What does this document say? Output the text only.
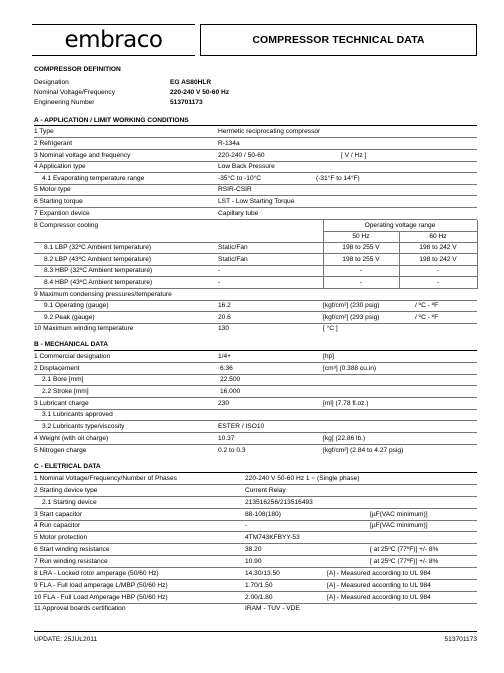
embraco	COMPRESSOR TECHNICAL DATA
COMPRESSOR DEFINITION
Designation	EG AS80HLR
Nominal Voltage/Frequency	220-240 V 50-60 Hz
Engineering Number	513701173
A - APPLICATION / LIMIT WORKING CONDITIONS
1 Type	Hermetic reciprocating compressor
2 Refrigerant	R-134a
3 Nominal voltage and frequency	220-240 / 50-60	[ V / Hz ]
4 Application type	Low Back Pressure
4.1 Evaporating temperature range	-35°C to -10°C	(-31°F to 14°F)
5 Motor type	RSIR-CSIR
6 Starting torque	LST - Low Starting Torque
7 Expantion device	Capillary tube
8 Compressor cooling	Operating voltage range
50 Hz	60 Hz
8.1 LBP (32ºC Ambient temperature)	Static/Fan	198 to 255 V	198 to 242 V
8.2 LBP (43ºC Ambient temperature)	Static/Fan	198 to 255 V	198 to 242 V
8.3 HBP (32ºC Ambient temperature)	-	-	-
8.4 HBP (43ºC Ambient temperature)	-	-	-
9 Maximum condensing pressures/temperature
9.1 Operating (gauge)	16.2	[kgf/cm²] (230 psig)	/ ºC - ºF
9.2 Peak (gauge)	20.6	[kgf/cm²] (293 psig)	/ ºC - ºF
10 Maximum winding temperature	130	[ °C ]
B - MECHANICAL DATA
1 Commercial designation	1/4+	[hp]
2 Displacement	6.36	[cm³] (0.388 cu.in)
2.1 Bore [mm]	22.500
2.2 Stroke [mm]	16.000
3 Lubricant charge	230	[ml] (7.78 fl.oz.)
3.1 Lubricants approved
3.2 Lubricants type/viscosity	ESTER / ISO10
4 Weight (with oil charge)	10.37	[kg] (22.86 lb.)
5 Nitrogen charge	0.2 to 0.3	[kgf/cm²] (2.84 to 4.27 psig)
C - ELETRICAL DATA
1 Nominal Voltage/Frequency/Number of Phases	220-240 V 50-60 Hz 1 ~ (Single phase)
2 Starting device type	Current Relay
2.1 Starting device	213516256/213516493
3 Start capacitor	88-108(180)	[µF(VAC minimum)]
4 Run capacitor	-	[µF(VAC minimum)]
5 Motor protection	4TM743KFBYY-53
6 Start winding resistance	38.20	[ at 25ºC (77ºF)] +/- 8%
7 Run winding resistance	10.90	[ at 25ºC (77ºF)] +/- 8%
8 LRA - Locked rotor amperage (50/60 Hz)	14.30/13.50	[A] - Measured according to UL 984
9 FLA - Full load amperage L/MBP (50/60 Hz)	1.70/1.50	[A] - Measured according to UL 984
10 FLA - Full Load Amperage HBP (50/60 Hz)	2.00/1.80	[A] - Measured according to UL 984
11 Approval boards certification	IRAM - TUV - VDE
UPDATE: 25JUL2011	513701173
